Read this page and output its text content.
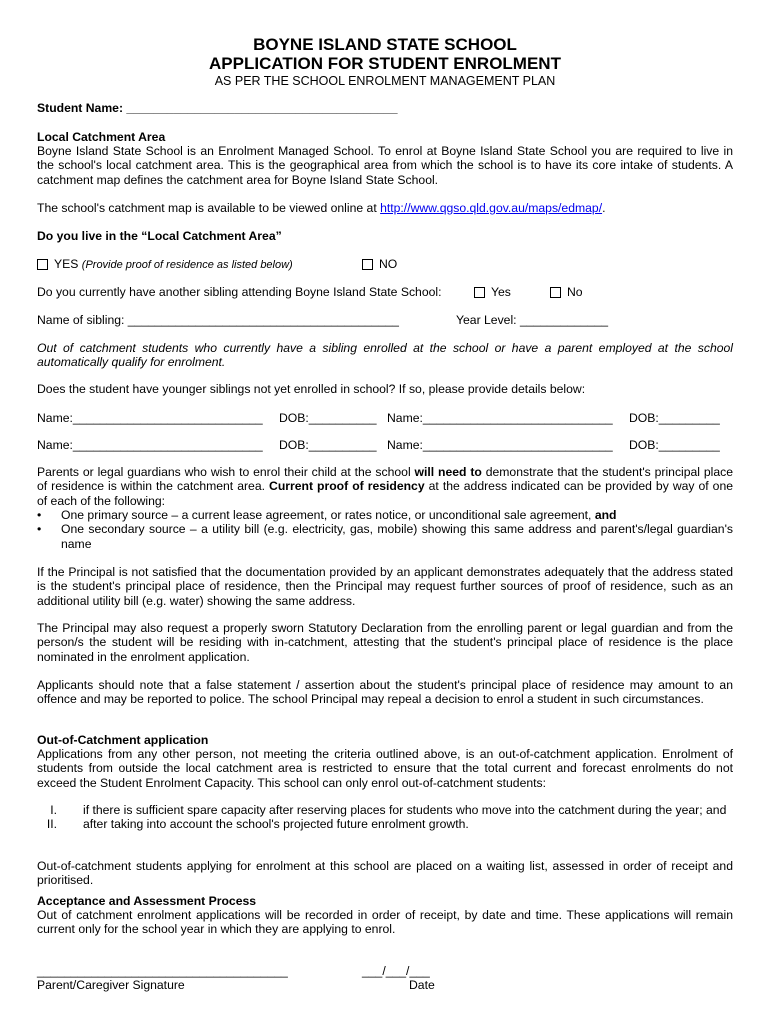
BOYNE ISLAND STATE SCHOOL
APPLICATION FOR STUDENT ENROLMENT
AS PER THE SCHOOL ENROLMENT MANAGEMENT PLAN
Student Name: ________________________________________
Local Catchment Area
Boyne Island State School is an Enrolment Managed School. To enrol at Boyne Island State School you are required to live in the school's local catchment area. This is the geographical area from which the school is to have its core intake of students. A catchment map defines the catchment area for Boyne Island State School.
The school's catchment map is available to be viewed online at http://www.qgso.qld.gov.au/maps/edmap/.
Do you live in the “Local Catchment Area”
YES (Provide proof of residence as listed below)	NO
Do you currently have another sibling attending Boyne Island State School:	Yes	No
Name of sibling: ________________________________________	Year Level: _____________
Out of catchment students who currently have a sibling enrolled at the school or have a parent employed at the school automatically qualify for enrolment.
Does the student have younger siblings not yet enrolled in school? If so, please provide details below:
Name:____________________________ DOB:__________ Name:____________________________ DOB:_________
Name:____________________________ DOB:__________ Name:____________________________ DOB:_________
Parents or legal guardians who wish to enrol their child at the school will need to demonstrate that the student's principal place of residence is within the catchment area. Current proof of residency at the address indicated can be provided by way of one of each of the following:
• One primary source – a current lease agreement, or rates notice, or unconditional sale agreement, and
• One secondary source – a utility bill (e.g. electricity, gas, mobile) showing this same address and parent's/legal guardian's name
If the Principal is not satisfied that the documentation provided by an applicant demonstrates adequately that the address stated is the student's principal place of residence, then the Principal may request further sources of proof of residence, such as an additional utility bill (e.g. water) showing the same address.
The Principal may also request a properly sworn Statutory Declaration from the enrolling parent or legal guardian and from the person/s the student will be residing with in-catchment, attesting that the student's principal place of residence is the place nominated in the enrolment application.
Applicants should note that a false statement / assertion about the student's principal place of residence may amount to an offence and may be reported to police. The school Principal may repeal a decision to enrol a student in such circumstances.
Out-of-Catchment application
Applications from any other person, not meeting the criteria outlined above, is an out-of-catchment application. Enrolment of students from outside the local catchment area is restricted to ensure that the total current and forecast enrolments do not exceed the Student Enrolment Capacity. This school can only enrol out-of-catchment students:
I. if there is sufficient spare capacity after reserving places for students who move into the catchment during the year; and
II. after taking into account the school's projected future enrolment growth.
Out-of-catchment students applying for enrolment at this school are placed on a waiting list, assessed in order of receipt and prioritised.
Acceptance and Assessment Process
Out of catchment enrolment applications will be recorded in order of receipt, by date and time. These applications will remain current only for the school year in which they are applying to enrol.
_____________________________________
Parent/Caregiver Signature
___/___/___
Date
